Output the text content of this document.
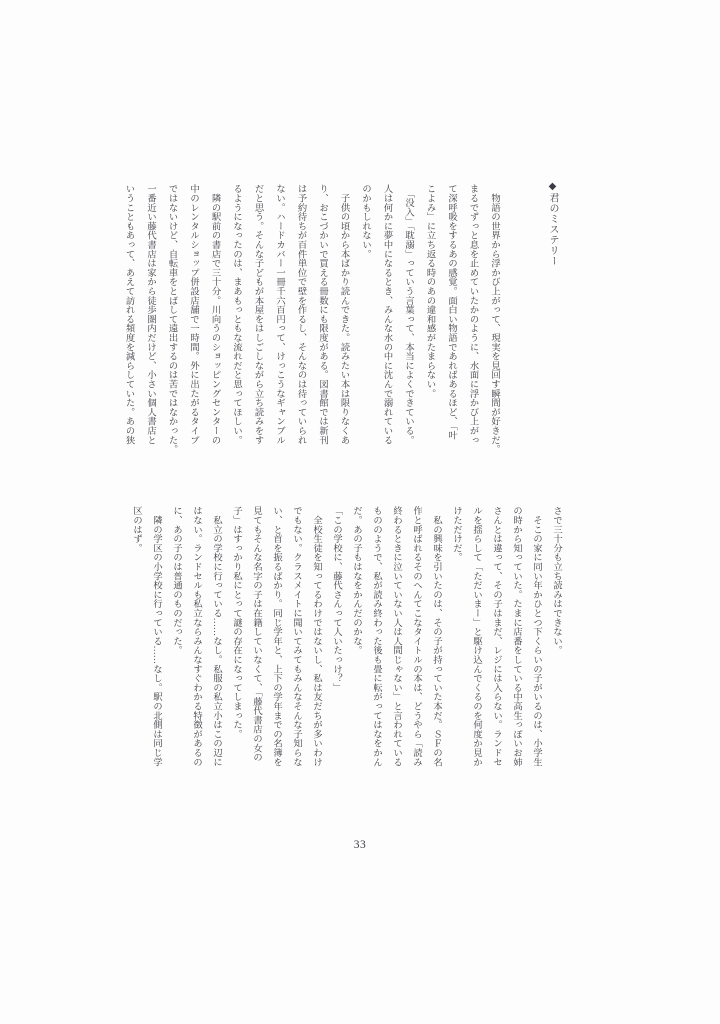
◆君のミステリー
　物語の世界から浮かび上がって、現実を見回す瞬間が好きだ。
まるでずっと息を止めていたかのように、水面に浮かび上がっ
て深呼吸をするあの感覚。面白い物語であればあるほど、「叶
こよみ」に立ち返る時のあの違和感がたまらない。
　「没入」「耽溺」っていう言葉って、本当によくできている。
人は何かに夢中になるとき、みんな水の中に沈んで溺れている
のかもしれない。
　子供の頃から本ばかり読んできた。読みたい本は限りなくあ
り、おこづかいで買える冊数にも限度がある。図書館では新刊
は予約待ちが百件単位で壁を作るし、そんなのは待っていられ
ない。ハードカバー一冊千六百円って、けっこうなギャンブル
だと思う。そんな子どもが本屋をはしごしながら立ち読みをす
るようになったのは、まあもっともな流れだと思ってほしい。
　隣の駅前の書店で三十分。川向うのショッピングセンターの
中のレンタルショップ併設店舗で一時間。外に出たがるタイプ
ではないけど、自転車をとばして遠出するのは苦ではなかった。
一番近い藤代書店は家から徒歩圏内だけど、小さい個人書店と
いうこともあって、あえて訪れる頻度を減らしていた。あの狭
さで三十分も立ち読みはできない。
　そこの家に同い年かひとつ下くらいの子がいるのは、小学生
の時から知っていた。たまに店番をしている中高生っぽいお姉
さんとは違って、その子はまだ、レジには入らない。ランドセ
ルを揺らして「ただいまー」と駆け込んでくるのを何度か見か
けただけだ。
　私の興味を引いたのは、その子が持っていた本だ。ＳＦの名
作と呼ばれるそのへんてこなタイトルの本は、どうやら「読み
終わるときに泣いていない人は人間じゃない」と言われている
もののようで、私が読み終わった後も畳に転がってはなをかん
だ。あの子もはなをかんだのかな。
「この学校に、藤代さんって人いたっけ？」
　全校生徒を知ってるわけではないし、私は友だちが多いわけ
でもない。クラスメイトに聞いてみてもみんなそんな子知らな
い、と首を振るばかり。同じ学年と、上下の学年までの名簿を
見てもそんな名字の子は在籍していなくて、「藤代書店の女の
子」はすっかり私にとって謎の存在になってしまった。
　私立の学校に行っている……なし。私服の私立小はこの辺に
はない。ランドセルも私立ならみんなすぐわかる特徴があるの
に、あの子のは普通のものだった。
　隣の学区の小学校に行っている……なし。駅の北側は同じ学
区のはず。
33
